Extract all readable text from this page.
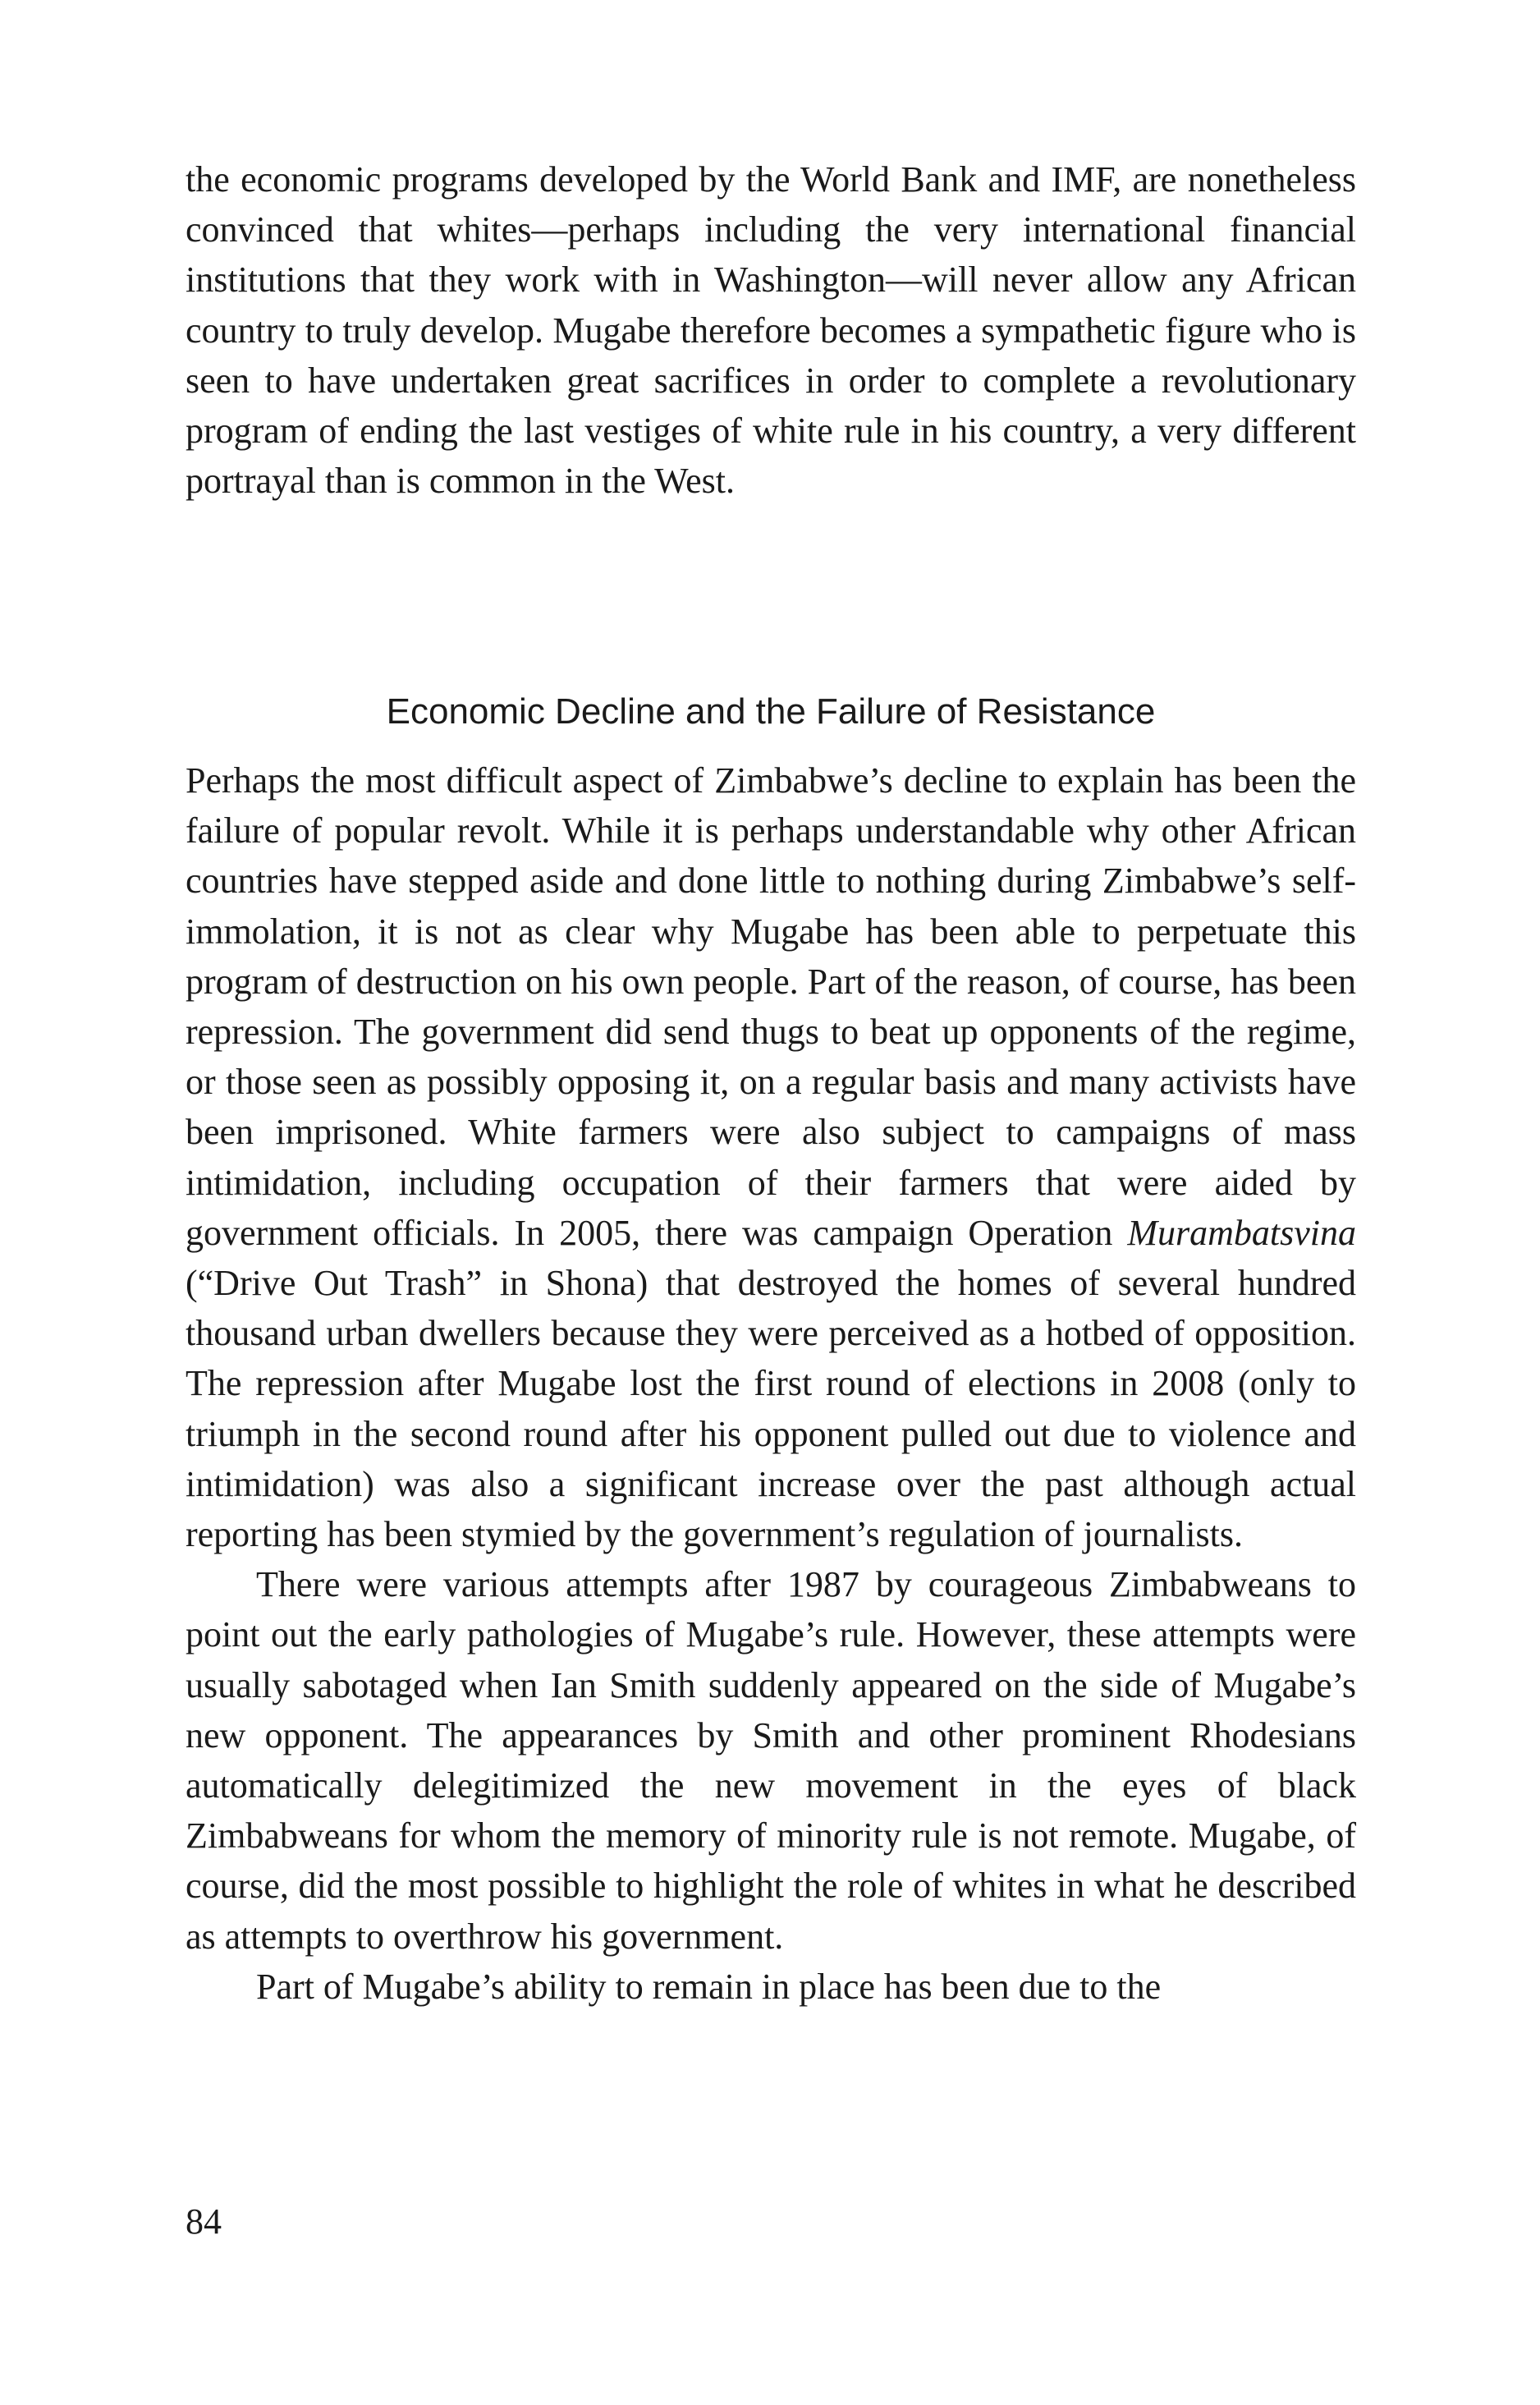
the economic programs developed by the World Bank and IMF, are nonetheless convinced that whites—perhaps including the very international financial institutions that they work with in Washington—will never allow any African country to truly develop. Mugabe therefore becomes a sympathetic figure who is seen to have undertaken great sacrifices in order to complete a revolutionary program of ending the last vestiges of white rule in his country, a very different portrayal than is common in the West.

Economic Decline and the Failure of Resistance

Perhaps the most difficult aspect of Zimbabwe’s decline to explain has been the failure of popular revolt. While it is perhaps understandable why other African countries have stepped aside and done little to nothing during Zimbabwe’s self-immolation, it is not as clear why Mugabe has been able to perpetuate this program of destruction on his own people. Part of the reason, of course, has been repression. The government did send thugs to beat up opponents of the regime, or those seen as possibly opposing it, on a regular basis and many activists have been imprisoned. White farmers were also subject to campaigns of mass intimidation, including occupation of their farmers that were aided by government officials. In 2005, there was campaign Operation Murambatsvina (“Drive Out Trash” in Shona) that destroyed the homes of several hundred thousand urban dwellers because they were perceived as a hotbed of opposition. The repression after Mugabe lost the first round of elections in 2008 (only to triumph in the second round after his opponent pulled out due to violence and intimidation) was also a significant increase over the past although actual reporting has been stymied by the government’s regulation of journalists.

There were various attempts after 1987 by courageous Zimbabweans to point out the early pathologies of Mugabe’s rule. However, these attempts were usually sabotaged when Ian Smith suddenly appeared on the side of Mugabe’s new opponent. The appearances by Smith and other prominent Rhodesians automatically delegitimized the new movement in the eyes of black Zimbabweans for whom the memory of minority rule is not remote. Mugabe, of course, did the most possible to highlight the role of whites in what he described as attempts to overthrow his government.

Part of Mugabe’s ability to remain in place has been due to the

84
